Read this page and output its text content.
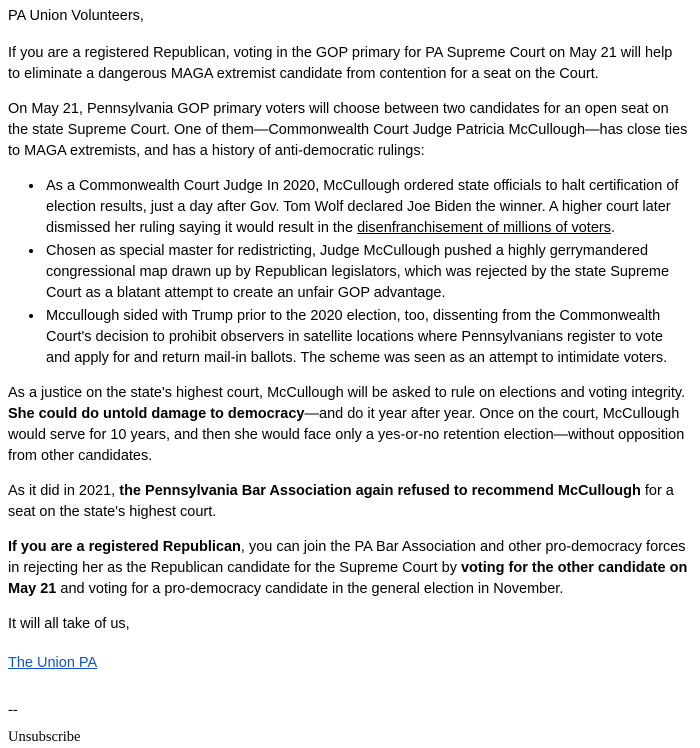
PA Union Volunteers,

If you are a registered Republican, voting in the GOP primary for PA Supreme Court on May 21 will help to eliminate a dangerous MAGA extremist candidate from contention for a seat on the Court.

On May 21, Pennsylvania GOP primary voters will choose between two candidates for an open seat on the state Supreme Court. One of them—Commonwealth Court Judge Patricia McCullough—has close ties to MAGA extremists, and has a history of anti-democratic rulings:

• As a Commonwealth Court Judge In 2020, McCullough ordered state officials to halt certification of election results, just a day after Gov. Tom Wolf declared Joe Biden the winner. A higher court later dismissed her ruling saying it would result in the disenfranchisement of millions of voters.
• Chosen as special master for redistricting, Judge McCullough pushed a highly gerrymandered congressional map drawn up by Republican legislators, which was rejected by the state Supreme Court as a blatant attempt to create an unfair GOP advantage.
• Mccullough sided with Trump prior to the 2020 election, too, dissenting from the Commonwealth Court's decision to prohibit observers in satellite locations where Pennsylvanians register to vote and apply for and return mail-in ballots. The scheme was seen as an attempt to intimidate voters.

As a justice on the state's highest court, McCullough will be asked to rule on elections and voting integrity. She could do untold damage to democracy—and do it year after year. Once on the court, McCullough would serve for 10 years, and then she would face only a yes-or-no retention election—without opposition from other candidates.

As it did in 2021, the Pennsylvania Bar Association again refused to recommend McCullough for a seat on the state's highest court.

If you are a registered Republican, you can join the PA Bar Association and other pro-democracy forces in rejecting her as the Republican candidate for the Supreme Court by voting for the other candidate on May 21 and voting for a pro-democracy candidate in the general election in November.

It will all take of us,

The Union PA

--

Unsubscribe
